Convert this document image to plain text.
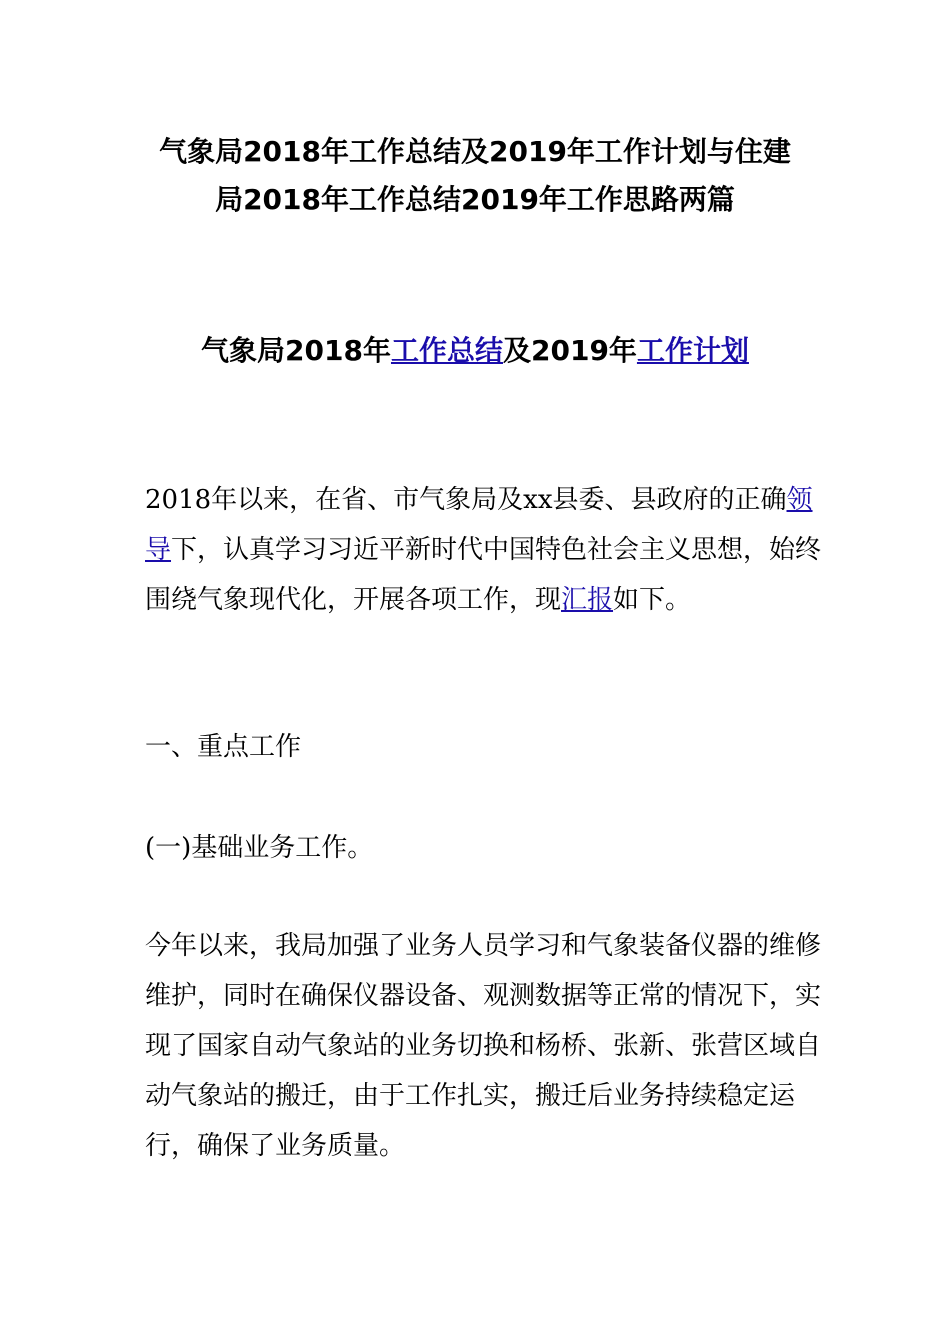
气象局2018年工作总结及2019年工作计划与住建
局2018年工作总结2019年工作思路两篇
气象局2018年工作总结及2019年工作计划

2018年以来，在省、市气象局及xx县委、县政府的正确领导下，认真学习习近平新时代中国特色社会主义思想，始终围绕气象现代化，开展各项工作，现汇报如下。

一、重点工作

(一)基础业务工作。

今年以来，我局加强了业务人员学习和气象装备仪器的维修维护，同时在确保仪器设备、观测数据等正常的情况下，实现了国家自动气象站的业务切换和杨桥、张新、张营区域自动气象站的搬迁，由于工作扎实，搬迁后业务持续稳定运行，确保了业务质量。
